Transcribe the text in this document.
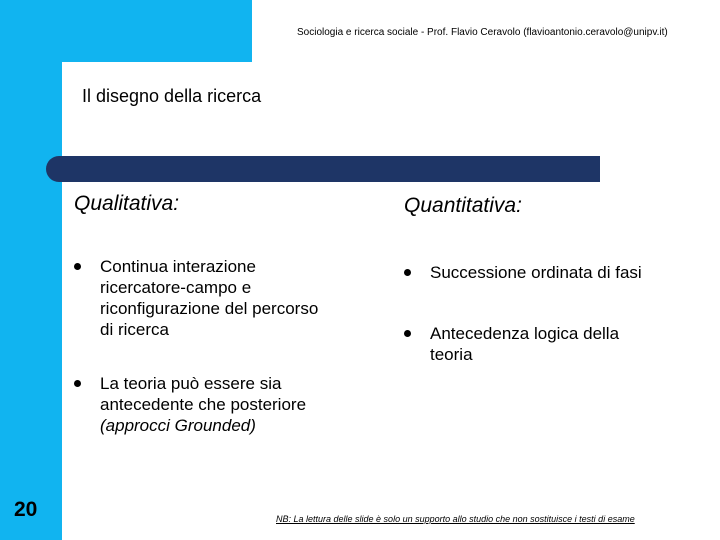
Sociologia e ricerca sociale - Prof. Flavio Ceravolo (flavioantonio.ceravolo@unipv.it)
Il disegno della ricerca
Qualitativa:
Continua interazione ricercatore-campo e riconfigurazione del percorso di ricerca
La teoria può essere sia antecedente che posteriore (approcci Grounded)
Quantitativa:
Successione ordinata di fasi
Antecedenza logica della teoria
20	NB: La lettura delle slide è solo un supporto allo studio che non sostituisce i testi di esame
